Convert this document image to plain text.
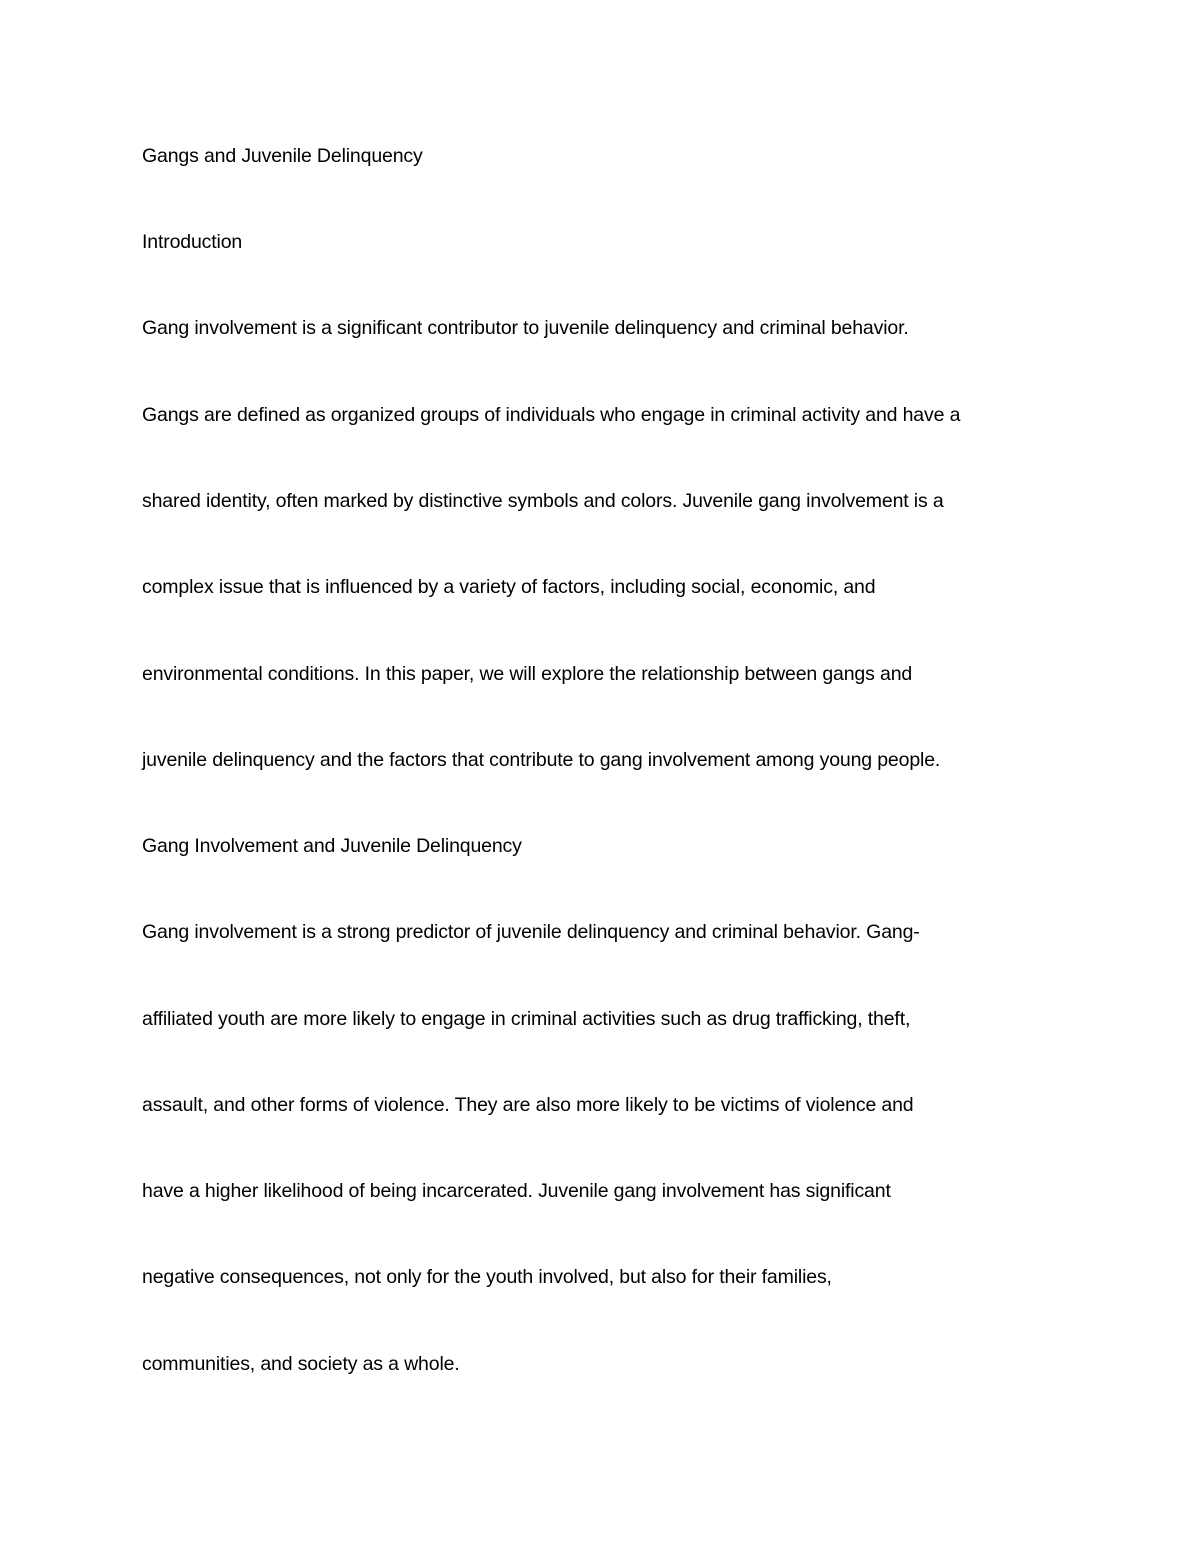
Gangs and Juvenile Delinquency
Introduction
Gang involvement is a significant contributor to juvenile delinquency and criminal behavior.
Gangs are defined as organized groups of individuals who engage in criminal activity and have a
shared identity, often marked by distinctive symbols and colors. Juvenile gang involvement is a
complex issue that is influenced by a variety of factors, including social, economic, and
environmental conditions. In this paper, we will explore the relationship between gangs and
juvenile delinquency and the factors that contribute to gang involvement among young people.
Gang Involvement and Juvenile Delinquency
Gang involvement is a strong predictor of juvenile delinquency and criminal behavior. Gang-
affiliated youth are more likely to engage in criminal activities such as drug trafficking, theft,
assault, and other forms of violence. They are also more likely to be victims of violence and
have a higher likelihood of being incarcerated. Juvenile gang involvement has significant
negative consequences, not only for the youth involved, but also for their families,
communities, and society as a whole.
